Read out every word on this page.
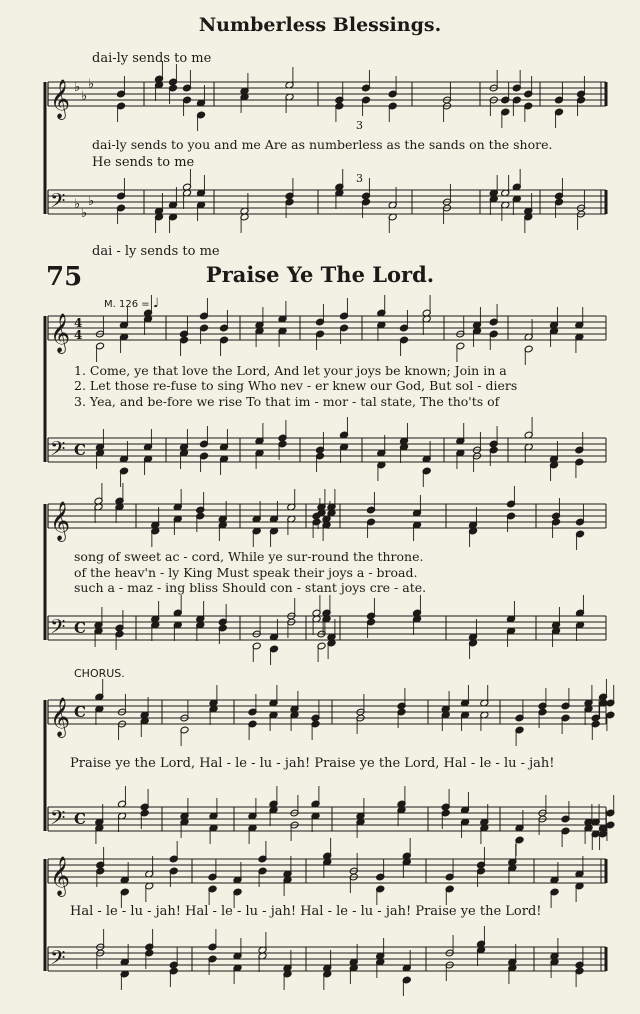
Numberless Blessings.
dai-ly sends to me
dai-ly sends to you and me Are as numberless as the sands on the shore.
He sends to me
dai - ly sends to me
3
3
75	Praise Ye The Lord.
M. 126 = ♩
1. Come, ye that love the Lord, And let your joys be known; Join in a
2. Let those re-fuse to sing Who nev - er knew our God, But sol - diers
3. Yea, and be-fore we rise To that im - mor - tal state, The tho'ts of
song of sweet ac - cord, While ye sur-round the throne.
of the heav'n - ly King Must speak their joys a - broad.
such a - maz - ing bliss Should con - stant joys cre - ate.
CHORUS.
Praise ye the Lord, Hal - le - lu - jah! Praise ye the Lord, Hal - le - lu - jah!
Hal - le - lu - jah! Hal - le - lu - jah! Hal - le - lu - jah! Praise ye the Lord!
𝄞 ♭
♭
♭
𝄢 ♭
♭
♭
𝄞 4
4
𝄢 C
𝄞
𝄢 C
𝄞 C
𝄢 C
𝄞
𝄢
